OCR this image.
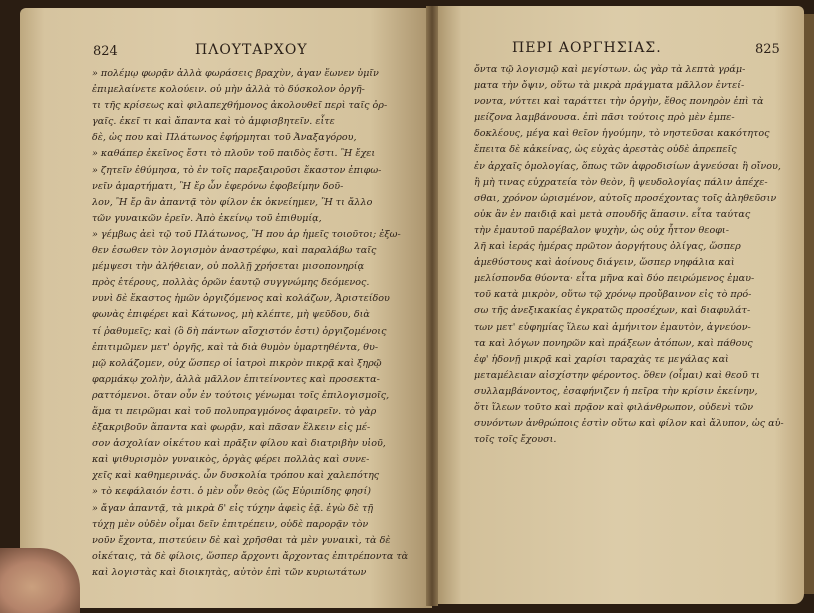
824	ΠΛΟΥΤΑΡΧΟΥ	ΠΕΡΙ ΑΟΡΓΗΣΙΑΣ.	825
» πολέμῳ φωρᾷν ἀλλὰ φωράσεις βραχὺν, ἀγαν ἕωνεν ὑμῖν
ἐπιμελαίνετε κολούειν. οὐ μὴν ἀλλὰ τὸ δύσκολον ὀργῆ-
τι τῆς κρίσεως καὶ φιλαπεχθήμονος ἀκολουθεῖ περὶ ταῖς ὀρ-
γαῖς. ἐκεῖ τι καὶ ἄπαντα καὶ τὸ ἀμφισβητεῖν. εἶτε
δὲ, ὡς που καὶ Πλάτωνος ἐφήρμηται τοῦ Ἀναξαγόρου,
» καθάπερ ἐκεῖνος ἔστι τὸ πλοῦν τοῦ παιδὸς ἔστι. Ἢ ἔχει
» ζητεῖν ἐθύμησα, τὸ ἐν τοῖς παρεξαιροῦσι ἕκαστον ἐπιφω-
νεῖν ἁμαρτήματι, Ἢ ἔρ ὧν ἐφερόνω ἐφοβείμην δοῦ-
λον, Ἢ ἔρ ἂν ἀπαντᾷ τὸν φίλον ἐκ ὀκνείημεν, Ἢ τι ἄλλο
τῶν γυναικῶν ἐρεῖν. Ἀπὸ ἐκείνῳ τοῦ ἐπιθυμίᾳ,
» γέμβως ἀεὶ τῷ τοῦ Πλάτωνος, Ἢ που ἀρ ἡμεῖς τοιοῦτοι; ἐξω-
θεν ἐσωθεν τὸν λογισμὸν ἀναστρέφω, καὶ παραλάβω ταῖς
μέμψεσι τὴν ἀλήθειαν, οὐ πολλῇ χρήσεται μισοπονηρίᾳ
πρὸς ἑτέρους, πολλὰς ὁρῶν ἑαυτῷ συγγνώμης δεόμενος.
νυνὶ δὲ ἕκαστος ἡμῶν ὀργιζόμενος καὶ κολάζων, Ἀριστείδου
φωνὰς ἐπιφέρει καὶ Κάτωνος, μὴ κλέπτε, μὴ ψεῦδου, διὰ
τί ῥαθυμεῖς; καὶ (ὃ δὴ πάντων αἴσχιστόν ἐστι) ὀργιζομένοις
ἐπιτιμῶμεν μετ' ὀργῆς, καὶ τὰ διὰ θυμὸν ὑμαρτηθέντα, θυ-
μῷ κολάζομεν, οὐχ ὥσπερ οἱ ἰατροὶ πικρὸν πικρᾷ καὶ ξηρῷ
φαρμάκῳ χολὴν, ἀλλὰ μᾶλλον ἐπιτείνοντες καὶ προσεκτα-
ραττόμενοι. ὅταν οὖν ἐν τούτοις γένωμαι τοῖς ἐπιλογισμοῖς,
ἅμα τι πειρῶμαι καὶ τοῦ πολυπραγμόνος ἀφαιρεῖν. τὸ γὰρ
ἐξακριβοῦν ἅπαντα καὶ φωρᾷν, καὶ πᾶσαν ἕλκειν εἰς μέ-
σον ἀσχολίαν οἰκέτου καὶ πρᾶξιν φίλου καὶ διατριβὴν υἱοῦ,
καὶ ψιθυρισμὸν γυναικὸς, ὀργὰς φέρει πολλὰς καὶ συνε-
χεῖς καὶ καθημερινάς. ὧν δυσκολία τρόπου καὶ χαλεπότης
» τὸ κεφάλαιόν ἐστι. ὁ μὲν οὖν θεὸς (ὥς Εὐριπίδης φησί)
» ἄγαν ἀπαντᾷ, τὰ μικρὰ δ' εἰς τύχην ἀφεὶς ἐᾷ. ἐγὼ δὲ τῇ
τύχῃ μὲν οὐδὲν οἶμαι δεῖν ἐπιτρέπειν, οὐδὲ παρορᾷν τὸν
νοῦν ἔχοντα, πιστεύειν δὲ καὶ χρῆσθαι τὰ μὲν γυναικὶ, τὰ δὲ
οἰκέταις, τὰ δὲ φίλοις, ὥσπερ ἄρχοντι ἄρχοντας ἐπιτρέποντα τὰ
καὶ λογιστὰς καὶ διοικητὰς, αὐτὸν ἐπὶ τῶν κυριωτάτων
ὄντα τῷ λογισμῷ καὶ μεγίστων. ὡς γὰρ τὰ λεπτὰ γράμ-
ματα τὴν ὄψιν, οὕτω τὰ μικρὰ πράγματα μᾶλλον ἐντεί-
νοντα, νύττει καὶ ταράττει τὴν ὀργὴν, ἔθος πονηρὸν ἐπὶ τὰ
μείζονα λαμβάνουσα. ἐπὶ πᾶσι τούτοις πρὸ μὲν ἐμπε-
δοκλέους, μέγα καὶ θεῖον ἡγούμην, τὸ νηστεῦσαι κακότητος
ἔπειτα δὲ κἀκείνας, ὡς εὐχὰς ἀρεστὰς οὐδὲ ἀπρεπεῖς
ἐν ἀρχαῖς ὁμολογίας, ὅπως τῶν ἀφροδισίων ἀγνεύσαι ἢ οἴνου,
ἢ μὴ τινας εὐχρατεία τὸν θεὸν, ἢ ψευδολογίας πάλιν ἀπέχε-
σθαι, χρόνον ὡρισμένον, αὐτοῖς προσέχοντας τοῖς ἀληθεῦσιν
οὐκ ἂν ἐν παιδιᾷ καὶ μετὰ σπουδῆς ἅπασιν. εἶτα ταύτας
τὴν ἐμαυτοῦ παρέβαλον ψυχὴν, ὡς οὐχ ἧττον θεοφι-
λῆ καὶ ἱεράς ἡμέρας πρῶτον ἀοργήτους ὀλίγας, ὥσπερ
ἀμεθύστους καὶ ἀοίνους διάγειν, ὥσπερ νηφάλια καὶ
μελίσπονδα θύοντα· εἶτα μῆνα καὶ δύο πειρώμενος ἐμαυ-
τοῦ κατὰ μικρὸν, οὕτω τῷ χρόνῳ προὔβαινον εἰς τὸ πρό-
σω τῆς ἀνεξικακίας ἐγκρατῶς προσέχων, καὶ διαφυλάτ-
των μετ' εὐφημίας ἵλεω καὶ ἀμήνιτον ἑμαυτὸν, ἁγνεύον-
τα καὶ λόγων πονηρῶν καὶ πράξεων ἀτόπων, καὶ πάθους
ἐφ' ἡδονῇ μικρᾷ καὶ χαρίσι ταραχὰς τε μεγάλας καὶ
μεταμέλειαν αἰσχίστην φέροντος. ὅθεν (οἶμαι) καὶ θεοῦ τι
συλλαμβάνοντος, ἐσαφήνιζεν ἡ πεῖρα τὴν κρίσιν ἐκείνην,
ὅτι ἵλεων τοῦτο καὶ πρᾷον καὶ φιλάνθρωπον, οὐδενὶ τῶν
συνόντων ἀνθρώποις ἐστὶν οὕτω καὶ φίλον καὶ ἄλυπον, ὡς αὐ-
τοῖς τοῖς ἔχουσι.
